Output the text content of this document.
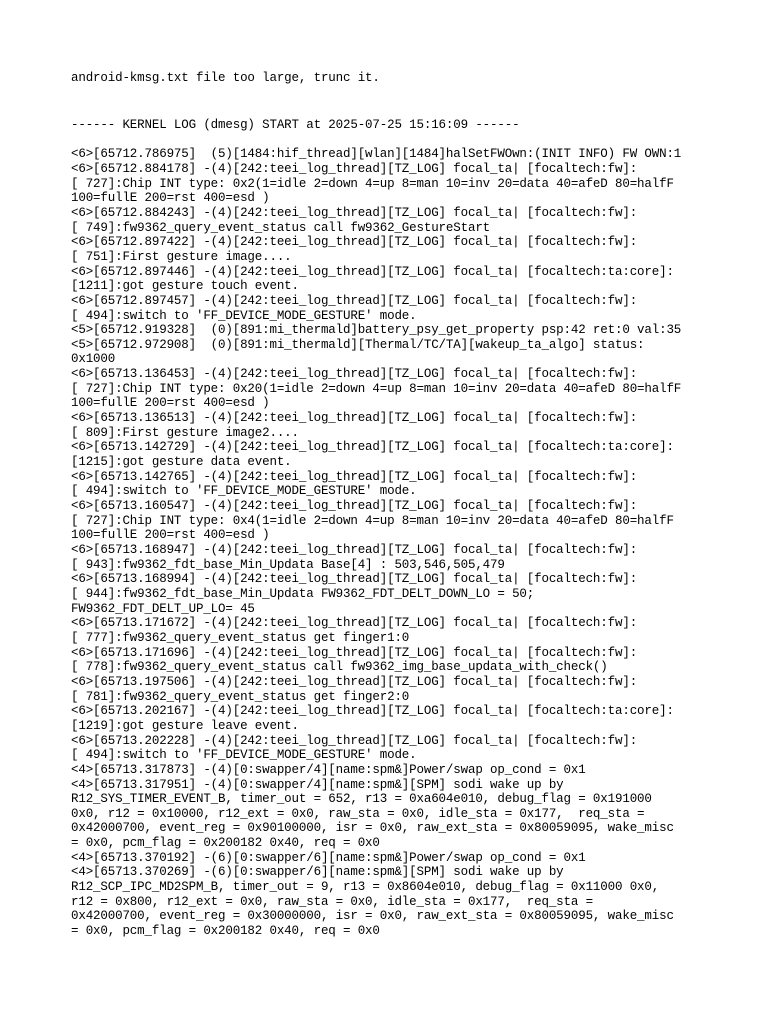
android-kmsg.txt file too large, trunc it.
------ KERNEL LOG (dmesg) START at 2025-07-25 15:16:09 ------
<6>[65712.786975]  (5)[1484:hif_thread][wlan][1484]halSetFWOwn:(INIT INFO) FW OWN:1
<6>[65712.884178] -(4)[242:teei_log_thread][TZ_LOG] focal_ta| [focaltech:fw]:
[ 727]:Chip INT type: 0x2(1=idle 2=down 4=up 8=man 10=inv 20=data 40=afeD 80=halfF
100=fullE 200=rst 400=esd )
<6>[65712.884243] -(4)[242:teei_log_thread][TZ_LOG] focal_ta| [focaltech:fw]:
[ 749]:fw9362_query_event_status call fw9362_GestureStart
<6>[65712.897422] -(4)[242:teei_log_thread][TZ_LOG] focal_ta| [focaltech:fw]:
[ 751]:First gesture image....
<6>[65712.897446] -(4)[242:teei_log_thread][TZ_LOG] focal_ta| [focaltech:ta:core]:
[1211]:got gesture touch event.
<6>[65712.897457] -(4)[242:teei_log_thread][TZ_LOG] focal_ta| [focaltech:fw]:
[ 494]:switch to 'FF_DEVICE_MODE_GESTURE' mode.
<5>[65712.919328]  (0)[891:mi_thermald]battery_psy_get_property psp:42 ret:0 val:35
<5>[65712.972908]  (0)[891:mi_thermald][Thermal/TC/TA][wakeup_ta_algo] status:
0x1000
<6>[65713.136453] -(4)[242:teei_log_thread][TZ_LOG] focal_ta| [focaltech:fw]:
[ 727]:Chip INT type: 0x20(1=idle 2=down 4=up 8=man 10=inv 20=data 40=afeD 80=halfF
100=fullE 200=rst 400=esd )
<6>[65713.136513] -(4)[242:teei_log_thread][TZ_LOG] focal_ta| [focaltech:fw]:
[ 809]:First gesture image2....
<6>[65713.142729] -(4)[242:teei_log_thread][TZ_LOG] focal_ta| [focaltech:ta:core]:
[1215]:got gesture data event.
<6>[65713.142765] -(4)[242:teei_log_thread][TZ_LOG] focal_ta| [focaltech:fw]:
[ 494]:switch to 'FF_DEVICE_MODE_GESTURE' mode.
<6>[65713.160547] -(4)[242:teei_log_thread][TZ_LOG] focal_ta| [focaltech:fw]:
[ 727]:Chip INT type: 0x4(1=idle 2=down 4=up 8=man 10=inv 20=data 40=afeD 80=halfF
100=fullE 200=rst 400=esd )
<6>[65713.168947] -(4)[242:teei_log_thread][TZ_LOG] focal_ta| [focaltech:fw]:
[ 943]:fw9362_fdt_base_Min_Updata Base[4] : 503,546,505,479
<6>[65713.168994] -(4)[242:teei_log_thread][TZ_LOG] focal_ta| [focaltech:fw]:
[ 944]:fw9362_fdt_base_Min_Updata FW9362_FDT_DELT_DOWN_LO = 50;
FW9362_FDT_DELT_UP_LO= 45
<6>[65713.171672] -(4)[242:teei_log_thread][TZ_LOG] focal_ta| [focaltech:fw]:
[ 777]:fw9362_query_event_status get finger1:0
<6>[65713.171696] -(4)[242:teei_log_thread][TZ_LOG] focal_ta| [focaltech:fw]:
[ 778]:fw9362_query_event_status call fw9362_img_base_updata_with_check()
<6>[65713.197506] -(4)[242:teei_log_thread][TZ_LOG] focal_ta| [focaltech:fw]:
[ 781]:fw9362_query_event_status get finger2:0
<6>[65713.202167] -(4)[242:teei_log_thread][TZ_LOG] focal_ta| [focaltech:ta:core]:
[1219]:got gesture leave event.
<6>[65713.202228] -(4)[242:teei_log_thread][TZ_LOG] focal_ta| [focaltech:fw]:
[ 494]:switch to 'FF_DEVICE_MODE_GESTURE' mode.
<4>[65713.317873] -(4)[0:swapper/4][name:spm&]Power/swap op_cond = 0x1
<4>[65713.317951] -(4)[0:swapper/4][name:spm&][SPM] sodi wake up by
R12_SYS_TIMER_EVENT_B, timer_out = 652, r13 = 0xa604e010, debug_flag = 0x191000
0x0, r12 = 0x10000, r12_ext = 0x0, raw_sta = 0x0, idle_sta = 0x177,  req_sta =
0x42000700, event_reg = 0x90100000, isr = 0x0, raw_ext_sta = 0x80059095, wake_misc
= 0x0, pcm_flag = 0x200182 0x40, req = 0x0
<4>[65713.370192] -(6)[0:swapper/6][name:spm&]Power/swap op_cond = 0x1
<4>[65713.370269] -(6)[0:swapper/6][name:spm&][SPM] sodi wake up by
R12_SCP_IPC_MD2SPM_B, timer_out = 9, r13 = 0x8604e010, debug_flag = 0x11000 0x0,
r12 = 0x800, r12_ext = 0x0, raw_sta = 0x0, idle_sta = 0x177,  req_sta =
0x42000700, event_reg = 0x30000000, isr = 0x0, raw_ext_sta = 0x80059095, wake_misc
= 0x0, pcm_flag = 0x200182 0x40, req = 0x0
